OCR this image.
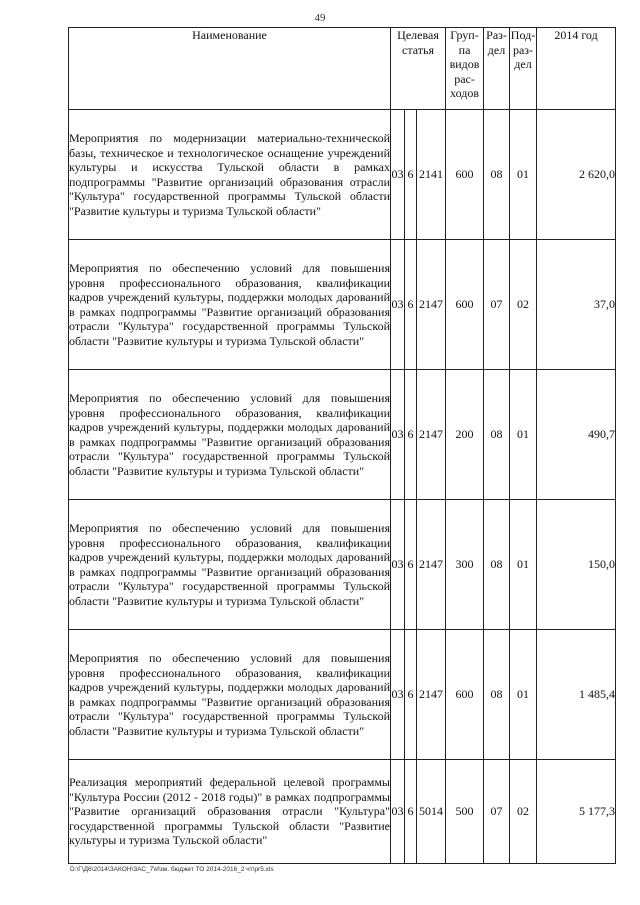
49
Наименование	Целевая статья			Груп-па видов рас-ходов	Раз-дел	Под-раз-дел	2014 год
Мероприятия по модернизации материально-технической базы, техническое и технологическое оснащение учреждений культуры и искусства Тульской области в рамках подпрограммы "Развитие организаций образования отрасли "Культура" государственной программы Тульской области "Развитие культуры и туризма Тульской области"	03	6	2141	600	08	01	2 620,0
Мероприятия по обеспечению условий для повышения уровня профессионального образования, квалификации кадров учреждений культуры, поддержки молодых дарований в рамках подпрограммы "Развитие организаций образования отрасли "Культура" государственной программы Тульской области "Развитие культуры и туризма Тульской области"	03	6	2147	600	07	02	37,0
Мероприятия по обеспечению условий для повышения уровня профессионального образования, квалификации кадров учреждений культуры, поддержки молодых дарований в рамках подпрограммы "Развитие организаций образования отрасли "Культура" государственной программы Тульской области "Развитие культуры и туризма Тульской области"	03	6	2147	200	08	01	490,7
Мероприятия по обеспечению условий для повышения уровня профессионального образования, квалификации кадров учреждений культуры, поддержки молодых дарований в рамках подпрограммы "Развитие организаций образования отрасли "Культура" государственной программы Тульской области "Развитие культуры и туризма Тульской области"	03	6	2147	300	08	01	150,0
Мероприятия по обеспечению условий для повышения уровня профессионального образования, квалификации кадров учреждений культуры, поддержки молодых дарований в рамках подпрограммы "Развитие организаций образования отрасли "Культура" государственной программы Тульской области "Развитие культуры и туризма Тульской области"	03	6	2147	600	08	01	1 485,4
Реализация мероприятий федеральной целевой программы "Культура России (2012 - 2018 годы)" в рамках подпрограммы "Развитие организаций образования отрасли "Культура" государственной программы Тульской области "Развитие культуры и туризма Тульской области"	03	6	5014	500	07	02	5 177,3
D:\Г\Д6\2014\ЗАКОН\ЗАС_7\Изм. бюджет ТО 2014-2016_2 чт\pr5.xls
